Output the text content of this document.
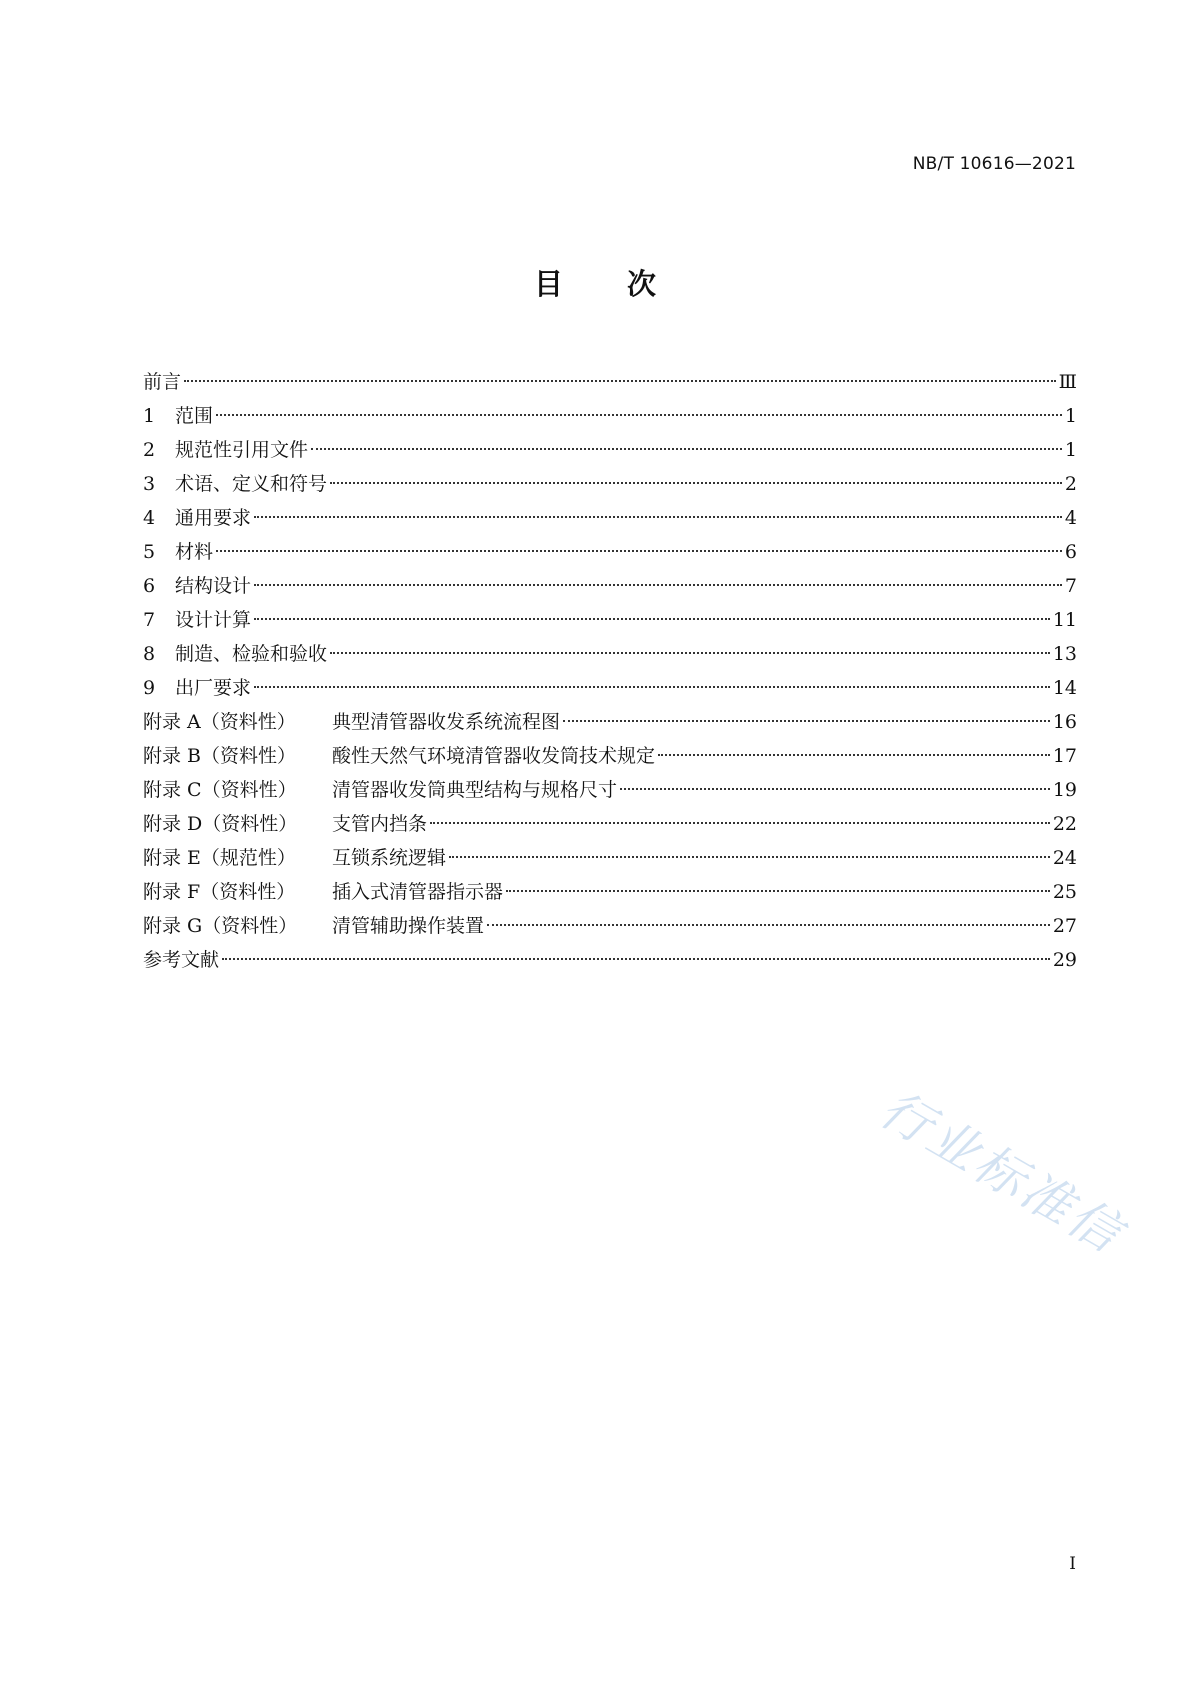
NB/T 10616—2021
目 次
前言	Ⅲ
1	范围	1
2	规范性引用文件	1
3	术语、定义和符号	2
4	通用要求	4
5	材料	6
6	结构设计	7
7	设计计算	11
8	制造、检验和验收	13
9	出厂要求	14
附录 A（资料性）	典型清管器收发系统流程图	16
附录 B（资料性）	酸性天然气环境清管器收发筒技术规定	17
附录 C（资料性）	清管器收发筒典型结构与规格尺寸	19
附录 D（资料性）	支管内挡条	22
附录 E（规范性）	互锁系统逻辑	24
附录 F（资料性）	插入式清管器指示器	25
附录 G（资料性）	清管辅助操作装置	27
参考文献	29
行业标准信
I
